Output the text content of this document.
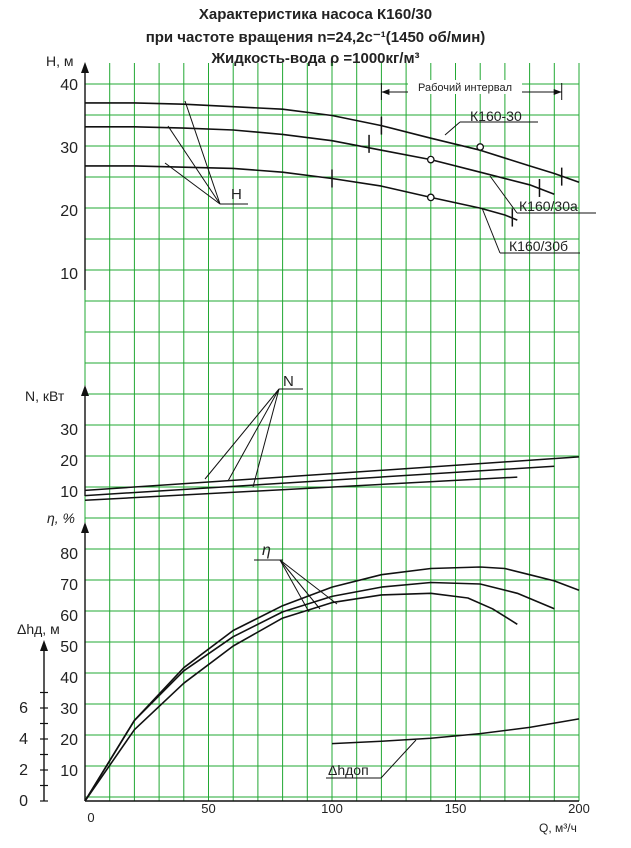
Характеристика насоса К160/30
при частоте вращения n=24,2с⁻¹(1450 об/мин)
Жидкость-вода ρ =1000кг/м³
H, м
N, кВт
η, %
Δhд, м
Q, м³/ч
10
20
30
40
10
20
30
10
20
30
40
50
60
70
80
0
2
4
6
0
50	100	150	200
Рабочий интервал
К160-30
К160/30а
К160/30б
H
N
η
Δhдоп
